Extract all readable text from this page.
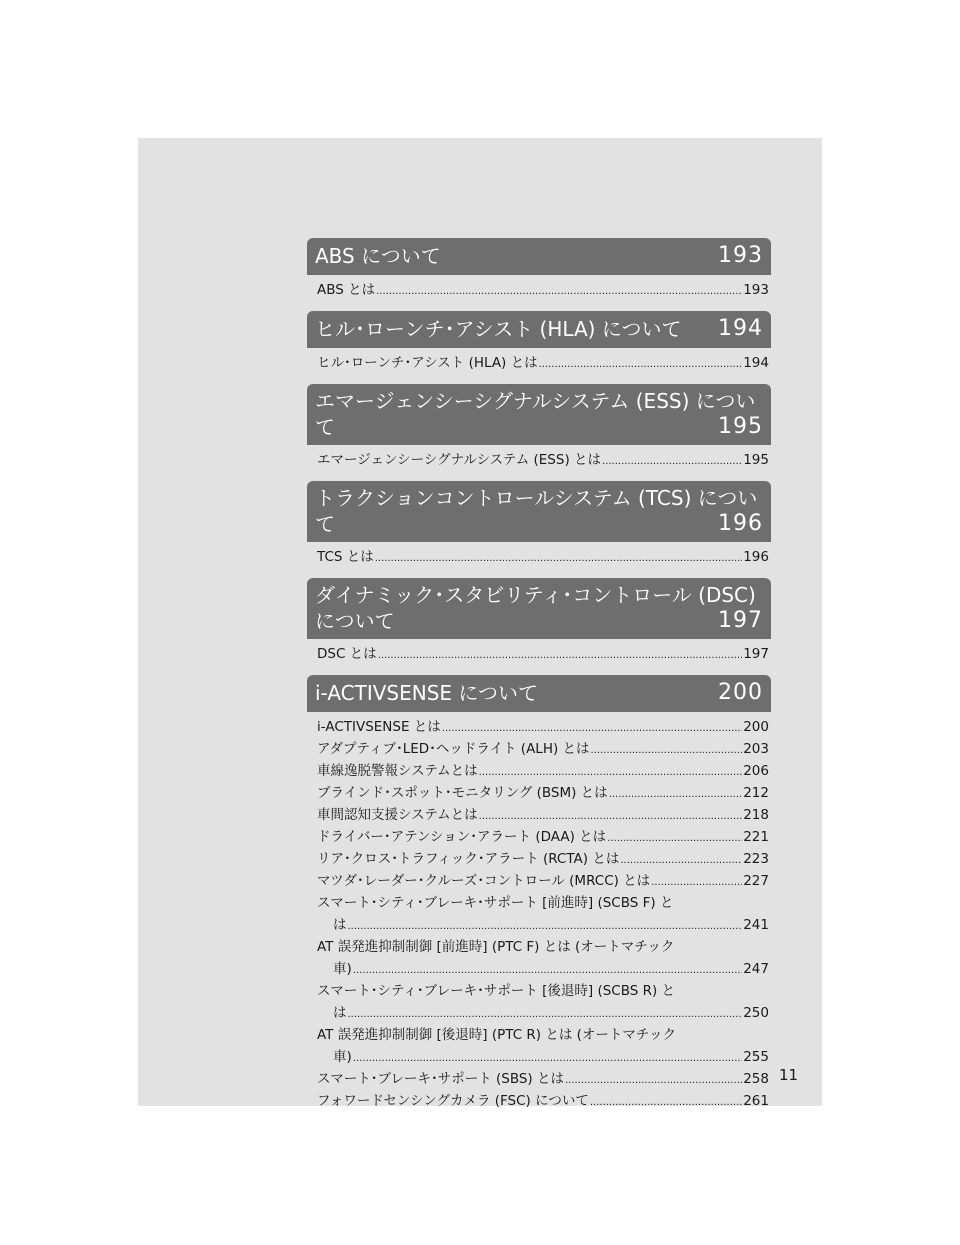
ABS について	193
ABS とは .....	193
ヒル･ローンチ･アシスト (HLA) について 194
ヒル･ローンチ･アシスト (HLA) とは .....	194
エマージェンシーシグナルシステム (ESS) につい
て	195
エマージェンシーシグナルシステム (ESS) とは .....	195
トラクションコントロールシステム (TCS) につい
て	196
TCS とは .....	196
ダイナミック･スタビリティ･コントロール (DSC)
について	197
DSC とは .....	197
i-ACTIVSENSE について	200
i-ACTIVSENSE とは .....	200
アダプティブ･LED･ヘッドライト (ALH) とは .....	203
車線逸脱警報システムとは .....	206
ブラインド･スポット･モニタリング (BSM) とは .....	212
車間認知支援システムとは .....	218
ドライバー･アテンション･アラート (DAA) とは .....	221
リア･クロス･トラフィック･アラート (RCTA) とは .....	223
マツダ･レーダー･クルーズ･コントロール (MRCC) とは .....	227
スマート･シティ･ブレーキ･サポート [前進時] (SCBS F) と
は .....	241
AT 誤発進抑制制御 [前進時] (PTC F) とは (オートマチック
車) .....	247
スマート･シティ･ブレーキ･サポート [後退時] (SCBS R) と
は .....	250
AT 誤発進抑制制御 [後退時] (PTC R) とは (オートマチック
車) .....	255
スマート･ブレーキ･サポート (SBS) とは .....	258
フォワードセンシングカメラ (FSC) について .....	261
11
